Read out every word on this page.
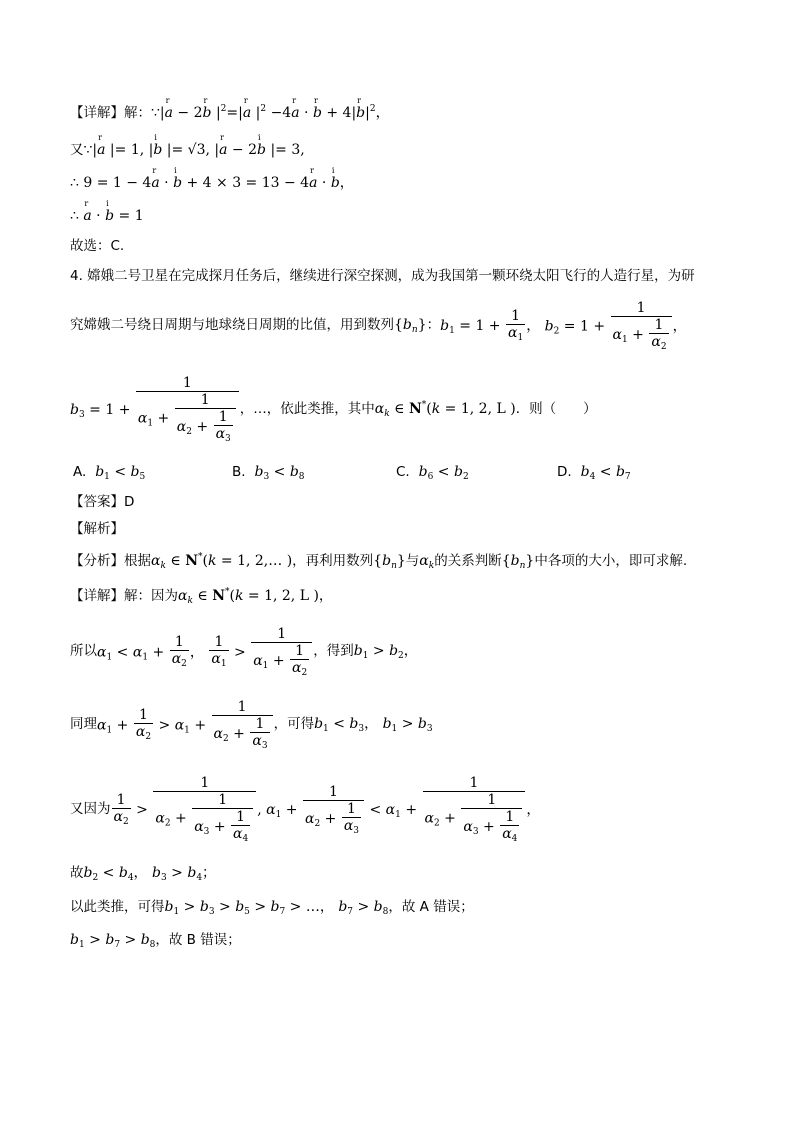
【详解】解：∵|a
r
− 2b
r
$|^2=|a$
r
$|^2 -4a$
r
· b
r
+ 4|b
r
$|^2$，
又∵|a
r
|= 1, |b
i
|= √3, |a
r
− 2b
i
|= 3,
∴ 9 = 1 − 4a
r
· b
i
+ 4 × 3 = 13 − 4a
r
· b
i
，
∴ a
r
· b
i
= 1
故选：C.
4. 嫦娥二号卫星在完成探月任务后，继续进行深空探测，成为我国第一颗环绕太阳飞行的人造行星，为研
究嫦娥二号绕日周期与地球绕日周期的比值，用到数列 $\{b_n\}$ ： $b_1 = 1 + \frac{1}{\alpha_1}$ ， $b_2 = 1 + \frac{1}{\alpha_1 + \frac{1}{\alpha_2}}$ ，
$b_3 = 1 + \frac{1}{\alpha_1 + \frac{1}{\alpha_2 + \frac{1}{\alpha_3}}}$ ，…，依此类推，其中 $\alpha_k$ ∈ N*(k = 1, 2, L ) ．则（　　）
A. $b_1 < b_5$	B. $b_3 < b_8$	C. $b_6 < b_2$	D. $b_4 < b_7$
【答案】D
【解析】
【分析】根据$\alpha_k$ ∈ N*(k = 1, 2,… )，再利用数列$\{b_n\}$与$\alpha_k$的关系判断$\{b_n\}$中各项的大小，即可求解.
【详解】解：因为$\alpha_k$ ∈ N*(k = 1, 2, L )，
所以 $\alpha_1 < \alpha_1 + \frac{1}{\alpha_2}$ ， $\frac{1}{\alpha_1} > \frac{1}{\alpha_1 + \frac{1}{\alpha_2}}$ ，得到 $b_1 > b_2$，
同理 $\alpha_1 + \frac{1}{\alpha_2} > \alpha_1 + \frac{1}{\alpha_2 + \frac{1}{\alpha_3}}$ ，可得 $b_1 < b_3$， $b_1 > b_3$
又因为 $\frac{1}{\alpha_2} > \frac{1}{\alpha_2 + \frac{1}{\alpha_3 + \frac{1}{\alpha_4}}}$ , $\alpha_1 + \frac{1}{\alpha_2 + \frac{1}{\alpha_3}} < \alpha_1 + \frac{1}{\alpha_2 + \frac{1}{\alpha_3 + \frac{1}{\alpha_4}}}$ ，
故$b_2 < b_4$， $b_3 > b_4$；
以此类推，可得$b_1 > b_3 > b_5 > b_7$ > …， $b_7 > b_8$，故 A 错误；
$b_1 > b_7 > b_8$，故 B 错误；
